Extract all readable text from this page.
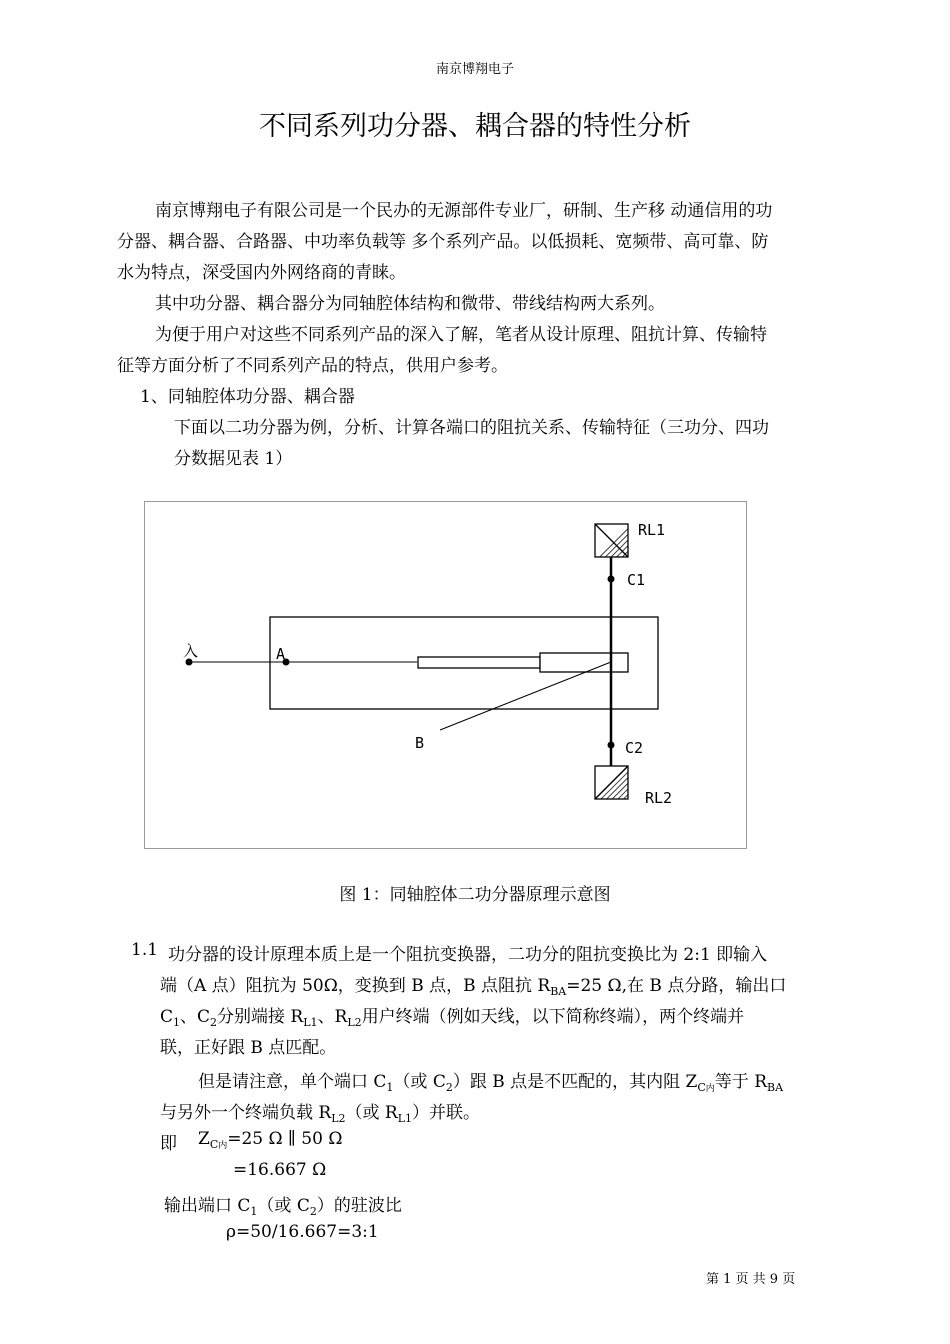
南京博翔电子
不同系列功分器、耦合器的特性分析
南京博翔电子有限公司是一个民办的无源部件专业厂，研制、生产移 动通信用的功
分器、耦合器、合路器、中功率负载等 多个系列产品。以低损耗、宽频带、高可靠、防
水为特点，深受国内外网络商的青睐。
其中功分器、耦合器分为同轴腔体结构和微带、带线结构两大系列。
为便于用户对这些不同系列产品的深入了解，笔者从设计原理、阻抗计算、传输特
征等方面分析了不同系列产品的特点，供用户参考。
1、同轴腔体功分器、耦合器
下面以二功分器为例，分析、计算各端口的阻抗关系、传输特征（三功分、四功
分数据见表 1）
入	A
B
RL1
C1
C2
RL2
图 1：同轴腔体二功分器原理示意图
1.1 功分器的设计原理本质上是一个阻抗变换器，二功分的阻抗变换比为 2:1 即输入
端（A 点）阻抗为 50Ω，变换到 B 点，B 点阻抗 $R_{BA}=25$ Ω,在 B 点分路，输出口
$C_1$、$C_2$分别端接 $R_{L1}$、$R_{L2}$用户终端（例如天线，以下简称终端），两个终端并
联，正好跟 B 点匹配。
但是请注意，单个端口 $C_1$（或 $C_2$）跟 B 点是不匹配的，其内阻 $Z_{C内}$等于 $R_{BA}$
与另外一个终端负载 $R_{L2}$（或 $R_{L1}$）并联。
即 $Z_{C内}=25$ Ω ∥ 50 Ω
=16.667 Ω
输出端口 $C_1$（或 $C_2$）的驻波比
ρ=50/16.667=3:1
第 1 页 共 9 页
